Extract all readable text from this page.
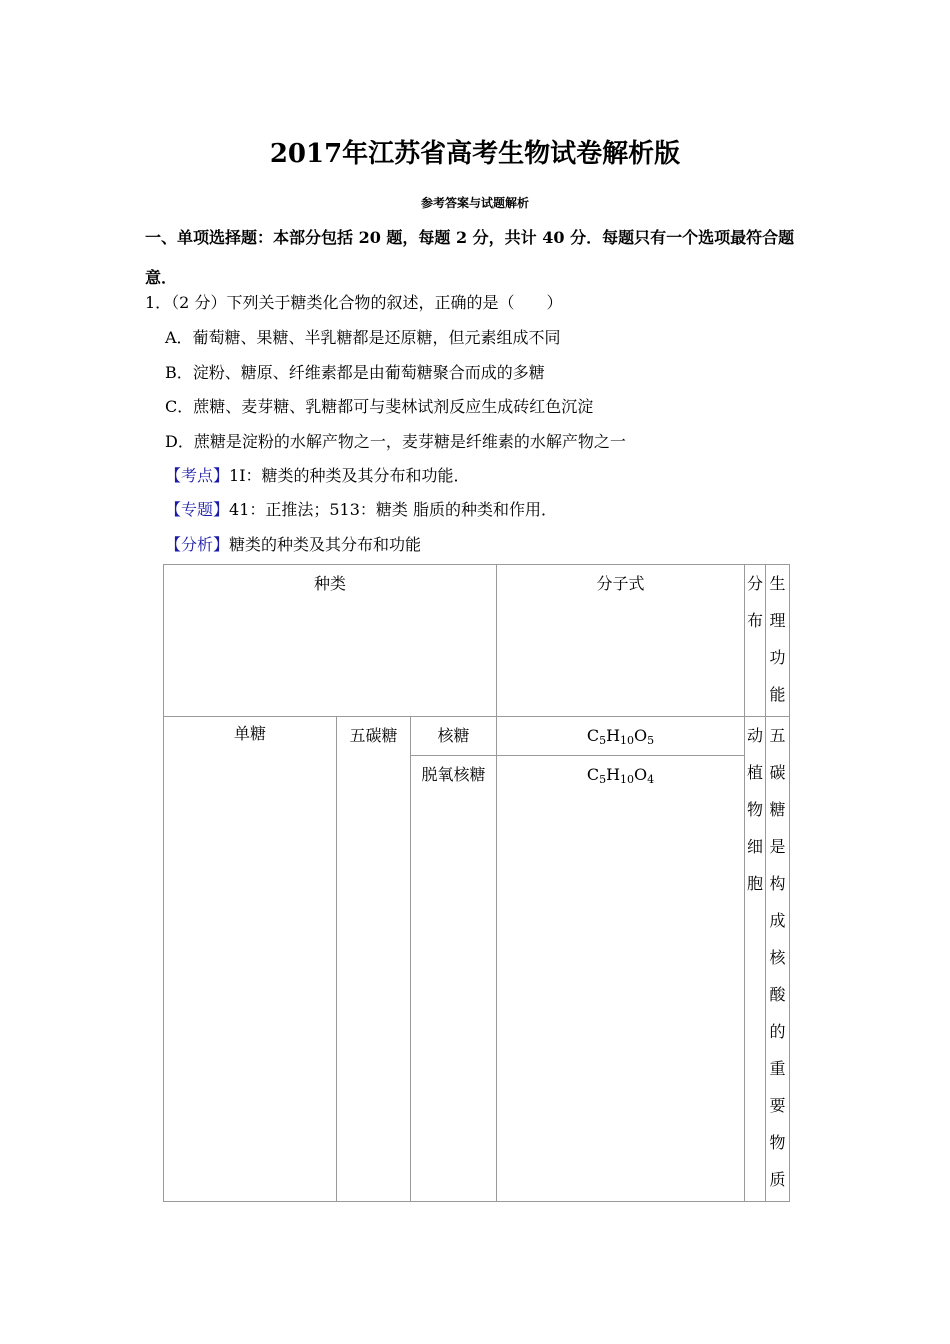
2017年江苏省高考生物试卷解析版
参考答案与试题解析
一、单项选择题：本部分包括 20 题，每题 2 分，共计 40 分．每题只有一个选项最符合题意．
1．（2 分）下列关于糖类化合物的叙述，正确的是（　　）
A．葡萄糖、果糖、半乳糖都是还原糖，但元素组成不同
B．淀粉、糖原、纤维素都是由葡萄糖聚合而成的多糖
C．蔗糖、麦芽糖、乳糖都可与斐林试剂反应生成砖红色沉淀
D．蔗糖是淀粉的水解产物之一，麦芽糖是纤维素的水解产物之一
【考点】1I：糖类的种类及其分布和功能．
【专题】41：正推法；513：糖类 脂质的种类和作用．
【分析】糖类的种类及其分布和功能
种类			分子式	分布	生理功能
单糖	五碳糖	核糖	$C_5H_{10}O_5$	动植物细胞	五碳糖是构成核酸的重要物质
		脱氧核糖	$C_5H_{10}O_4$
